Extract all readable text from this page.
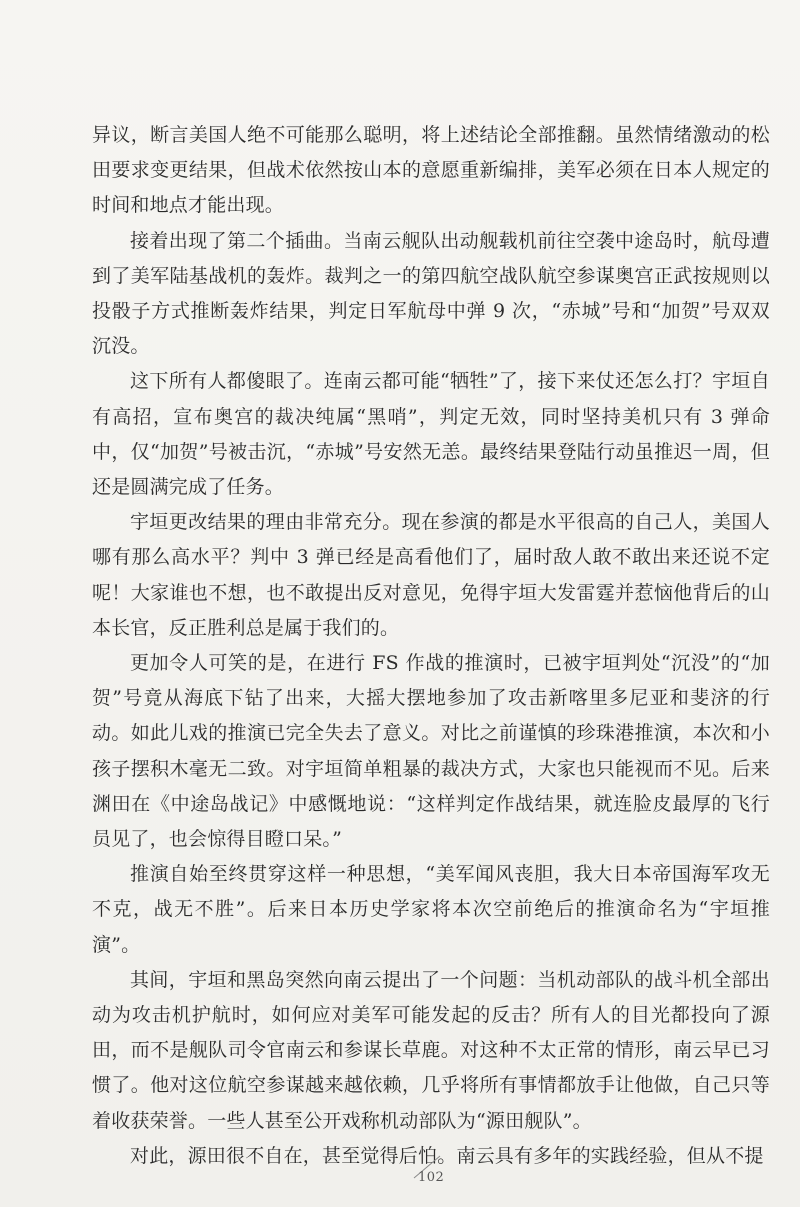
异议，断言美国人绝不可能那么聪明，将上述结论全部推翻。虽然情绪激动的松田要求变更结果，但战术依然按山本的意愿重新编排，美军必须在日本人规定的时间和地点才能出现。

接着出现了第二个插曲。当南云舰队出动舰载机前往空袭中途岛时，航母遭到了美军陆基战机的轰炸。裁判之一的第四航空战队航空参谋奥宫正武按规则以投骰子方式推断轰炸结果，判定日军航母中弹 9 次，“赤城”号和“加贺”号双双沉没。

这下所有人都傻眼了。连南云都可能“牺牲”了，接下来仗还怎么打？宇垣自有高招，宣布奥宫的裁决纯属“黑哨”，判定无效，同时坚持美机只有 3 弹命中，仅“加贺”号被击沉，“赤城”号安然无恙。最终结果登陆行动虽推迟一周，但还是圆满完成了任务。

宇垣更改结果的理由非常充分。现在参演的都是水平很高的自己人，美国人哪有那么高水平？判中 3 弹已经是高看他们了，届时敌人敢不敢出来还说不定呢！大家谁也不想，也不敢提出反对意见，免得宇垣大发雷霆并惹恼他背后的山本长官，反正胜利总是属于我们的。

更加令人可笑的是，在进行 FS 作战的推演时，已被宇垣判处“沉没”的“加贺”号竟从海底下钻了出来，大摇大摆地参加了攻击新喀里多尼亚和斐济的行动。如此儿戏的推演已完全失去了意义。对比之前谨慎的珍珠港推演，本次和小孩子摆积木毫无二致。对宇垣简单粗暴的裁决方式，大家也只能视而不见。后来渊田在《中途岛战记》中感慨地说：“这样判定作战结果，就连脸皮最厚的飞行员见了，也会惊得目瞪口呆。”

推演自始至终贯穿这样一种思想，“美军闻风丧胆，我大日本帝国海军攻无不克，战无不胜”。后来日本历史学家将本次空前绝后的推演命名为“宇垣推演”。

其间，宇垣和黑岛突然向南云提出了一个问题：当机动部队的战斗机全部出动为攻击机护航时，如何应对美军可能发起的反击？所有人的目光都投向了源田，而不是舰队司令官南云和参谋长草鹿。对这种不太正常的情形，南云早已习惯了。他对这位航空参谋越来越依赖，几乎将所有事情都放手让他做，自己只等着收获荣誉。一些人甚至公开戏称机动部队为“源田舰队”。

对此，源田很不自在，甚至觉得后怕。南云具有多年的实践经验，但从不提

102
